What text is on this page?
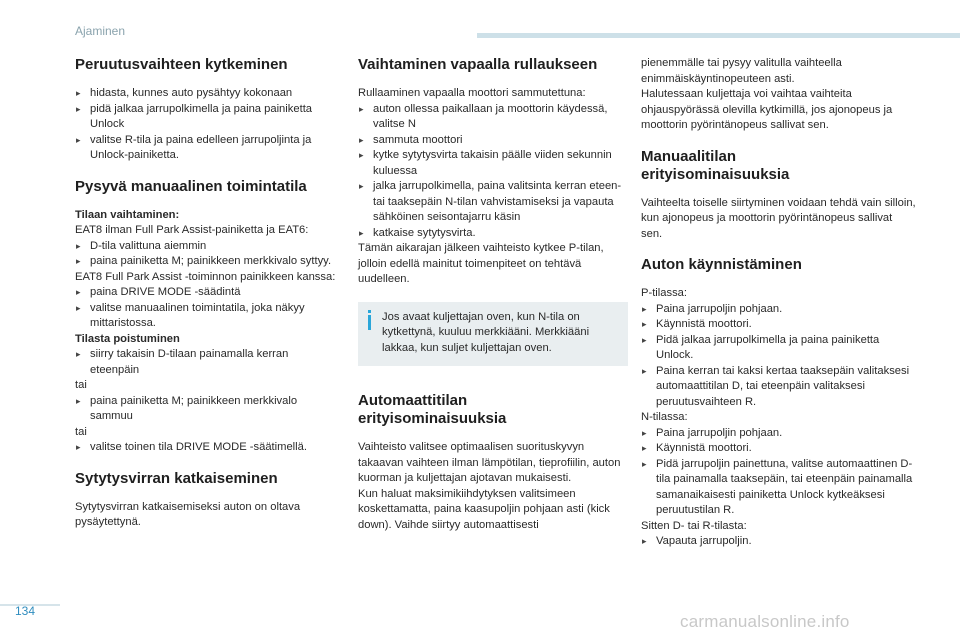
Ajaminen
Peruutusvaihteen kytkeminen

▸ hidasta, kunnes auto pysähtyy kokonaan

▸ pidä jalkaa jarrupolkimella ja paina painiketta Unlock

▸ valitse R-tila ja paina edelleen jarrupoljinta ja Unlock-painiketta.

Pysyvä manuaalinen toimintatila

Tilaan vaihtaminen:

EAT8 ilman Full Park Assist-painiketta ja EAT6:

▸ D-tila valittuna aiemmin

▸ paina painiketta M; painikkeen merkkivalo syttyy.

EAT8 Full Park Assist -toiminnon painikkeen kanssa:

▸ paina DRIVE MODE -säädintä

▸ valitse manuaalinen toimintatila, joka näkyy mittaristossa.

Tilasta poistuminen

▸ siirry takaisin D-tilaan painamalla kerran eteenpäin

tai

▸ paina painiketta M; painikkeen merkkivalo sammuu

tai

▸ valitse toinen tila DRIVE MODE -säätimellä.

Sytytysvirran katkaiseminen

Sytytysvirran katkaisemiseksi auton on oltava pysäytettynä.

Vaihtaminen vapaalla rullaukseen

Rullaaminen vapaalla moottori sammutettuna:

▸ auton ollessa paikallaan ja moottorin käydessä, valitse N

▸ sammuta moottori

▸ kytke sytytysvirta takaisin päälle viiden sekunnin kuluessa

▸ jalka jarrupolkimella, paina valitsinta kerran eteen- tai taaksepäin N-tilan vahvistamiseksi ja vapauta sähköinen seisontajarru käsin

▸ katkaise sytytysvirta.

Tämän aikarajan jälkeen vaihteisto kytkee P-tilan, jolloin edellä mainitut toimenpiteet on tehtävä uudelleen.

Jos avaat kuljettajan oven, kun N-tila on kytkettynä, kuuluu merkkiääni. Merkkiääni lakkaa, kun suljet kuljettajan oven.
Automaattitilan
erityisominaisuuksia

Vaihteisto valitsee optimaalisen suorituskyvyn takaavan vaihteen ilman lämpötilan, tieprofiilin, auton kuorman ja kuljettajan ajotavan mukaisesti.

Kun haluat maksimikiihdytyksen valitsimeen koskettamatta, paina kaasupoljin pohjaan asti (kick down). Vaihde siirtyy automaattisesti

pienemmälle tai pysyy valitulla vaihteella enimmäiskäyntinopeuteen asti.

Halutessaan kuljettaja voi vaihtaa vaihteita ohjauspyörässä olevilla kytkimillä, jos ajonopeus ja moottorin pyörintänopeus sallivat sen.

Manuaalitilan
erityisominaisuuksia

Vaihteelta toiselle siirtyminen voidaan tehdä vain silloin, kun ajonopeus ja moottorin pyörintänopeus sallivat sen.

Auton käynnistäminen

P-tilassa:

▸ Paina jarrupoljin pohjaan.

▸ Käynnistä moottori.

▸ Pidä jalkaa jarrupolkimella ja paina painiketta Unlock.

▸ Paina kerran tai kaksi kertaa taaksepäin valitaksesi automaattitilan D, tai eteenpäin valitaksesi peruutusvaihteen R.

N-tilassa:

▸ Paina jarrupoljin pohjaan.

▸ Käynnistä moottori.

▸ Pidä jarrupoljin painettuna, valitse automaattinen D-tila painamalla taaksepäin, tai eteenpäin painamalla samanaikaisesti painiketta Unlock kytkeäksesi peruutustilan R.

Sitten D- tai R-tilasta:

▸ Vapauta jarrupoljin.

134
carmanualsonline.info
